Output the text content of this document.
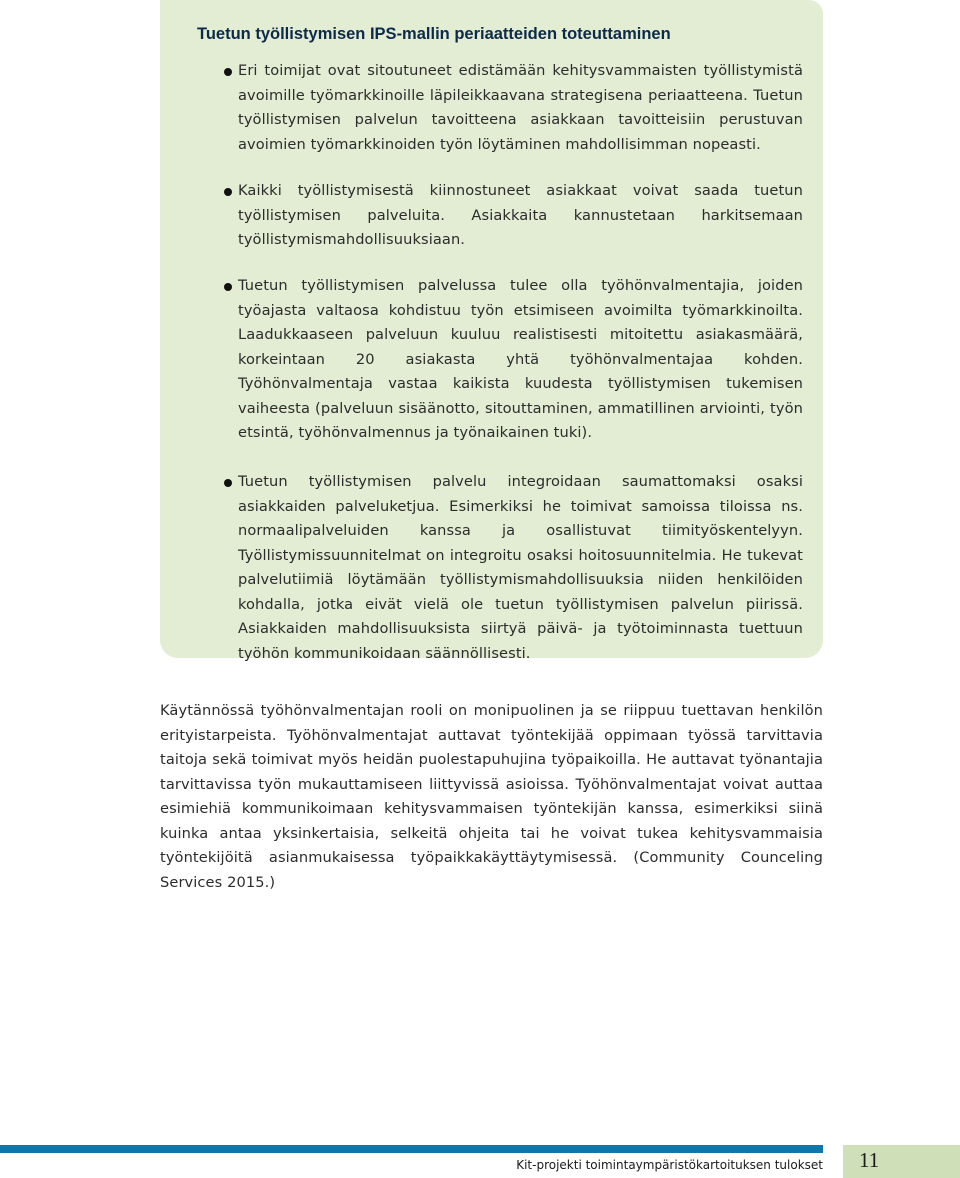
Tuetun työllistymisen IPS-mallin periaatteiden toteuttaminen

Eri toimijat ovat sitoutuneet edistämään kehitysvammaisten työllistymistä avoimille työmarkkinoille läpileikkaavana strategisena periaatteena. Tuetun työllistymisen palvelun tavoitteena asiakkaan tavoitteisiin perustuvan avoimien työmarkkinoiden työn löytäminen mahdollisimman nopeasti.

Kaikki työllistymisestä kiinnostuneet asiakkaat voivat saada tuetun työllistymisen palveluita. Asiakkaita kannustetaan harkitsemaan työllistymismahdollisuuksiaan.

Tuetun työllistymisen palvelussa tulee olla työhönvalmentajia, joiden työajasta valtaosa kohdistuu työn etsimiseen avoimilta työmarkkinoilta. Laadukkaaseen palveluun kuuluu realistisesti mitoitettu asiakasmäärä, korkeintaan 20 asiakasta yhtä työhönvalmentajaa kohden. Työhönvalmentaja vastaa kaikista kuudesta työllistymisen tukemisen vaiheesta (palveluun sisäänotto, sitouttaminen, ammatillinen arviointi, työn etsintä, työhönvalmennus ja työnaikainen tuki).

Tuetun työllistymisen palvelu integroidaan saumattomaksi osaksi asiakkaiden palveluketjua. Esimerkiksi he toimivat samoissa tiloissa ns. normaalipalveluiden kanssa ja osallistuvat tiimityöskentelyyn. Työllistymissuunnitelmat on integroitu osaksi hoitosuunnitelmia. He tukevat palvelutiimiä löytämään työllistymismahdollisuuksia niiden henkilöiden kohdalla, jotka eivät vielä ole tuetun työllistymisen palvelun piirissä. Asiakkaiden mahdollisuuksista siirtyä päivä- ja työtoiminnasta tuettuun työhön kommunikoidaan säännöllisesti.

Käytännössä työhönvalmentajan rooli on monipuolinen ja se riippuu tuettavan henkilön erityistarpeista. Työhönvalmentajat auttavat työntekijää oppimaan työssä tarvittavia taitoja sekä toimivat myös heidän puolestapuhujina työpaikoilla. He auttavat työnantajia tarvittavissa työn mukauttamiseen liittyvissä asioissa. Työhönvalmentajat voivat auttaa esimiehiä kommunikoimaan kehitysvammaisen työntekijän kanssa, esimerkiksi siinä kuinka antaa yksinkertaisia, selkeitä ohjeita tai he voivat tukea kehitysvammaisia työntekijöitä asianmukaisessa työpaikkakäyttäytymisessä. (Community Counceling Services 2015.)

Kit-projekti toimintaympäristökartoituksen tulokset 11
